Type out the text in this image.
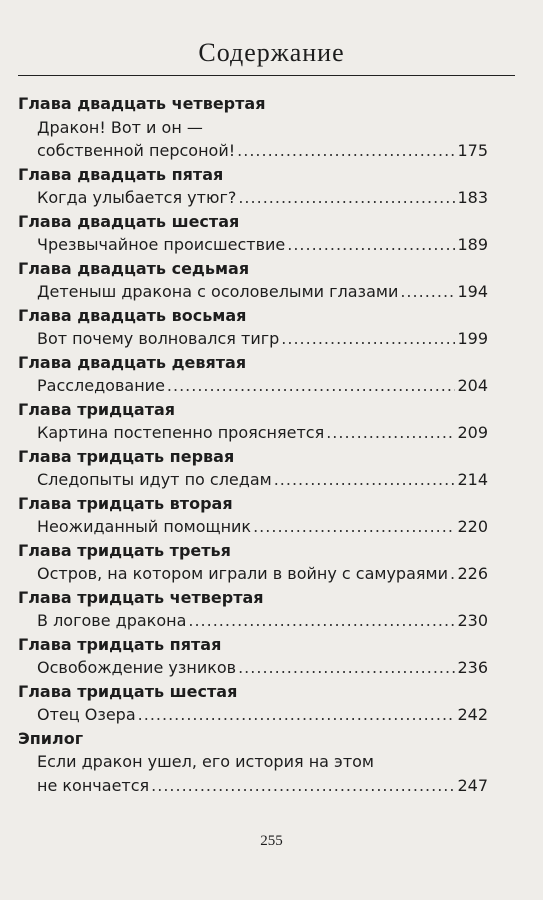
Содержание
Глава двадцать четвертая
Дракон! Вот и он —
собственной персоной! .....	175
Глава двадцать пятая
Когда улыбается утюг? .....	183
Глава двадцать шестая
Чрезвычайное происшествие .....	189
Глава двадцать седьмая
Детеныш дракона с осоловелыми глазами .....	194
Глава двадцать восьмая
Вот почему волновался тигр .....	199
Глава двадцать девятая
Расследование .....	204
Глава тридцатая
Картина постепенно проясняется .....	209
Глава тридцать первая
Следопыты идут по следам .....	214
Глава тридцать вторая
Неожиданный помощник .....	220
Глава тридцать третья
Остров, на котором играли в войну с самураями ..... 226
Глава тридцать четвертая
В логове дракона .....	230
Глава тридцать пятая
Освобождение узников .....	236
Глава тридцать шестая
Отец Озера .....	242
Эпилог
Если дракон ушел, его история на этом
не кончается .....	247
255
